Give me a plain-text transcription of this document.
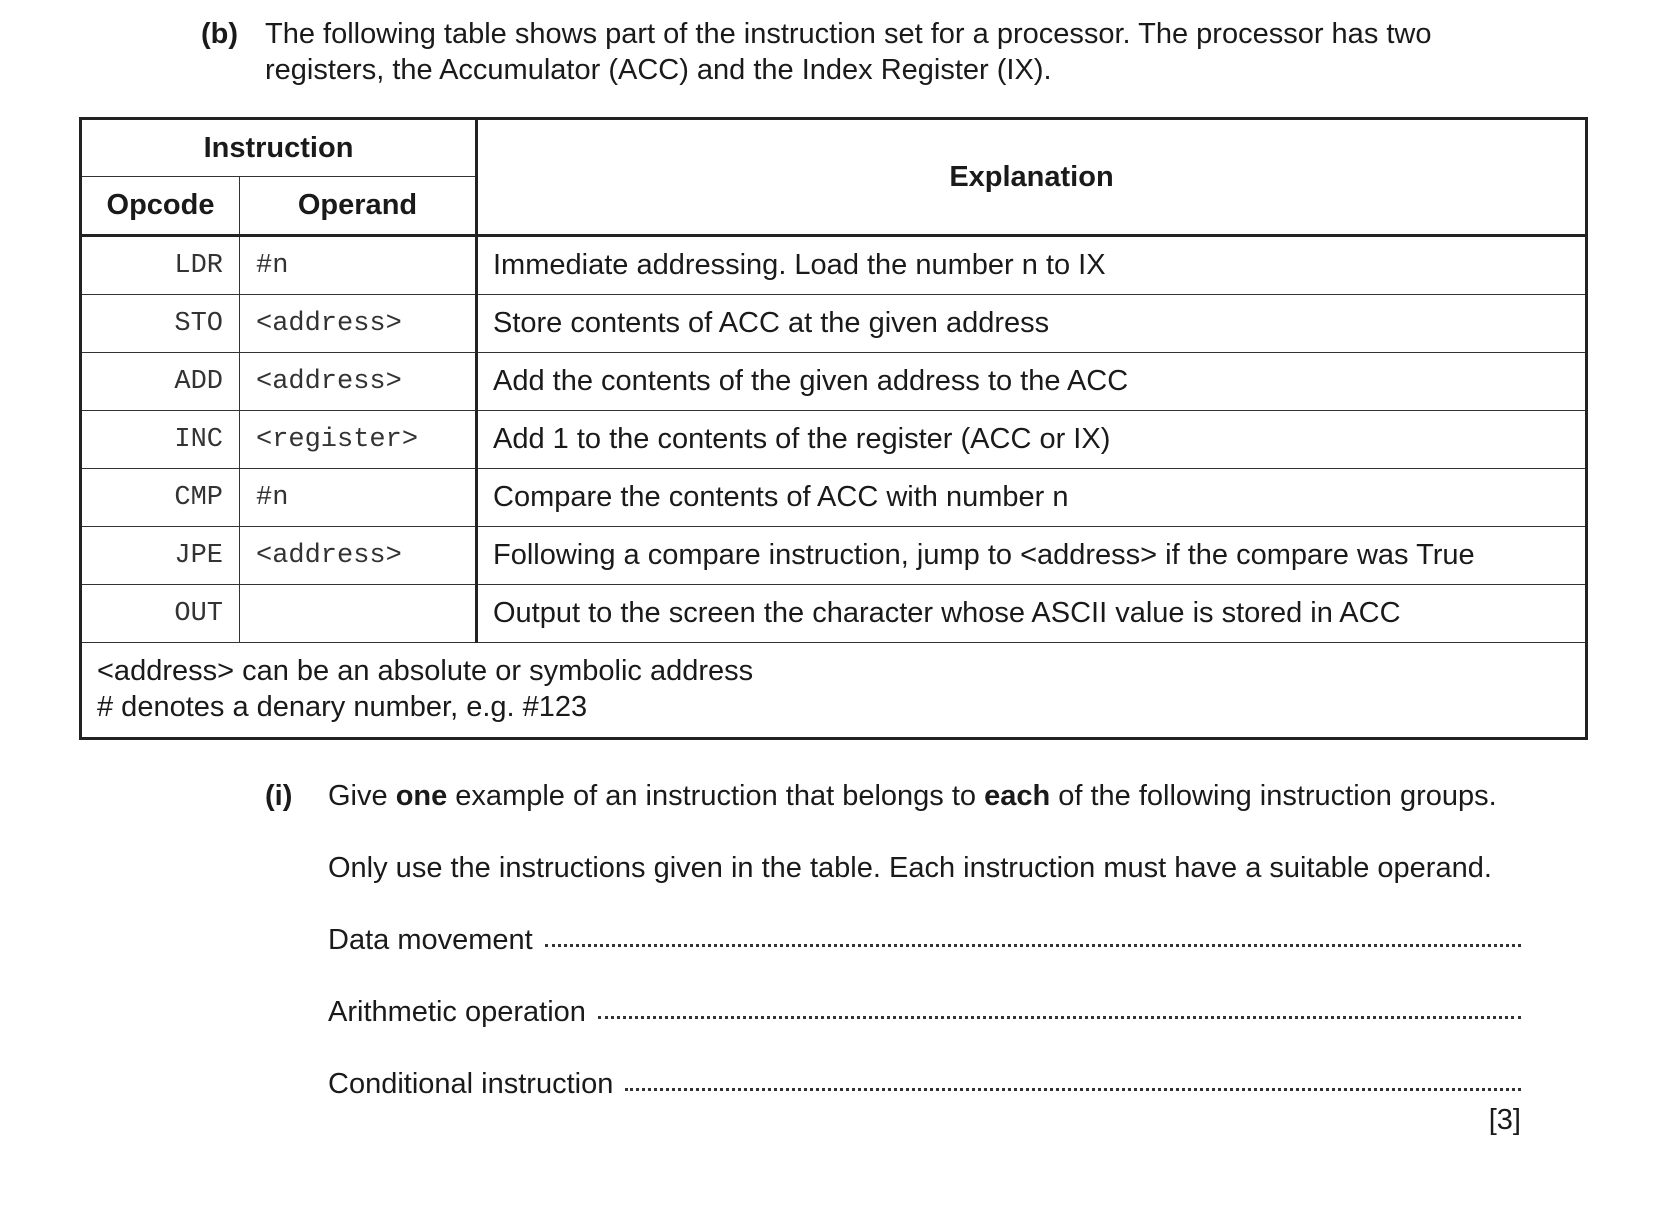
(b) The following table shows part of the instruction set for a processor. The processor has two registers, the Accumulator (ACC) and the Index Register (IX).
Instruction		Explanation
Opcode	Operand	
LDR	#n	Immediate addressing. Load the number n to IX
STO	<address>	Store contents of ACC at the given address
ADD	<address>	Add the contents of the given address to the ACC
INC	<register>	Add 1 to the contents of the register (ACC or IX)
CMP	#n	Compare the contents of ACC with number n
JPE	<address>	Following a compare instruction, jump to <address> if the compare was True
OUT		Output to the screen the character whose ASCII value is stored in ACC

<address> can be an absolute or symbolic address
# denotes a denary number, e.g. #123		
(i) Give one example of an instruction that belongs to each of the following instruction groups.

Only use the instructions given in the table. Each instruction must have a suitable operand.

Data movement
Arithmetic operation
Conditional instruction
[3]
